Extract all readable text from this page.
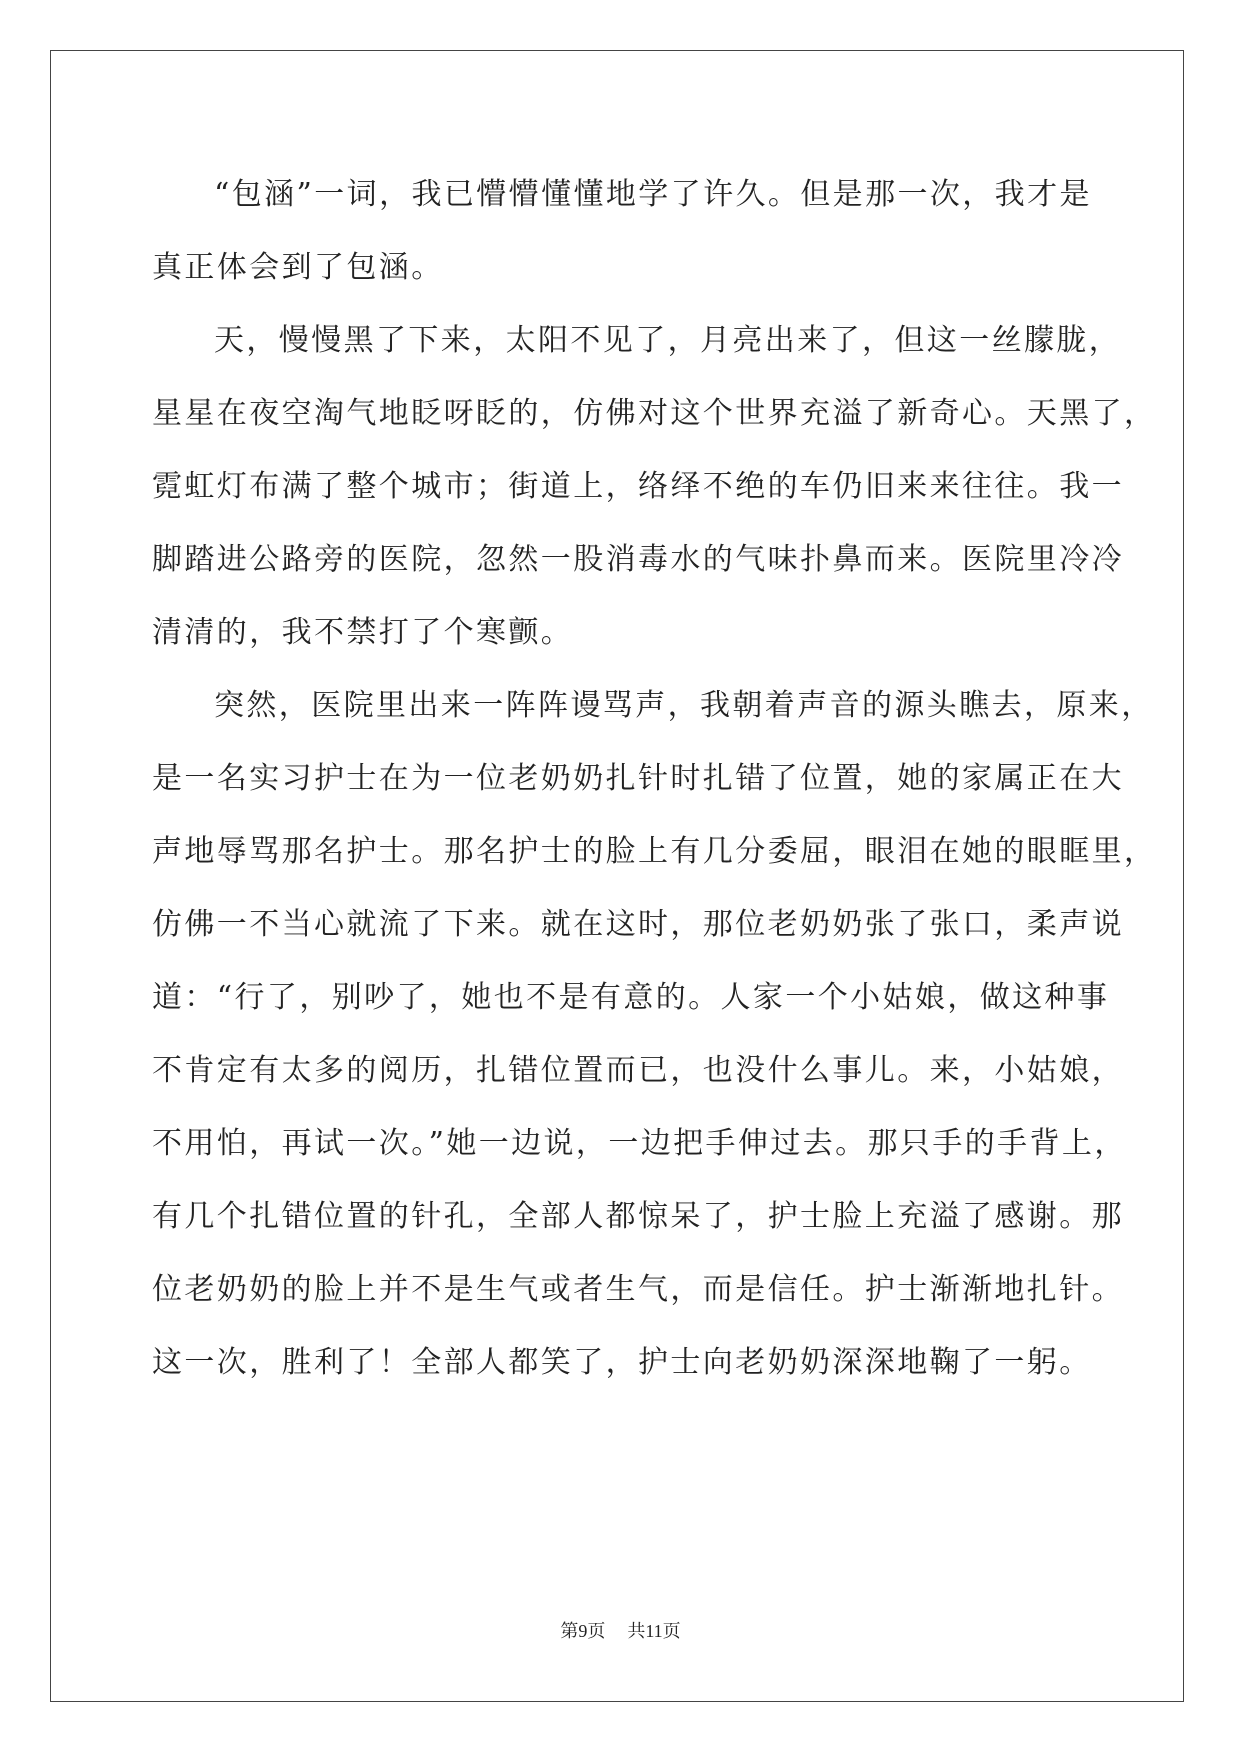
“包涵”一词，我已懵懵懂懂地学了许久。但是那一次，我才是
真正体会到了包涵。
天，慢慢黑了下来，太阳不见了，月亮出来了，但这一丝朦胧，
星星在夜空淘气地眨呀眨的，仿佛对这个世界充溢了新奇心。天黑了，
霓虹灯布满了整个城市；街道上，络绎不绝的车仍旧来来往往。我一
脚踏进公路旁的医院，忽然一股消毒水的气味扑鼻而来。医院里冷冷
清清的，我不禁打了个寒颤。
突然，医院里出来一阵阵谩骂声，我朝着声音的源头瞧去，原来，
是一名实习护士在为一位老奶奶扎针时扎错了位置，她的家属正在大
声地辱骂那名护士。那名护士的脸上有几分委屈，眼泪在她的眼眶里，
仿佛一不当心就流了下来。就在这时，那位老奶奶张了张口，柔声说
道：“行了，别吵了，她也不是有意的。人家一个小姑娘，做这种事
不肯定有太多的阅历，扎错位置而已，也没什么事儿。来，小姑娘，
不用怕，再试一次。”她一边说，一边把手伸过去。那只手的手背上，
有几个扎错位置的针孔，全部人都惊呆了，护士脸上充溢了感谢。那
位老奶奶的脸上并不是生气或者生气，而是信任。护士渐渐地扎针。
这一次，胜利了！全部人都笑了，护士向老奶奶深深地鞠了一躬。
第9页 共11页
